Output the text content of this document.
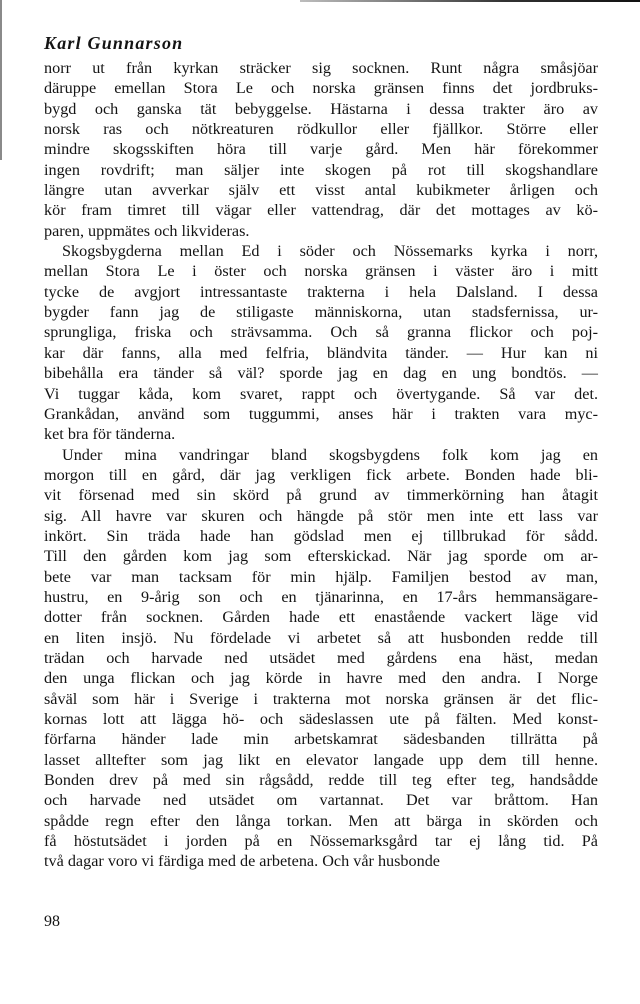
Karl Gunnarson
norr ut från kyrkan sträcker sig socknen. Runt några småsjöar
däruppe emellan Stora Le och norska gränsen finns det jordbruks-
bygd och ganska tät bebyggelse. Hästarna i dessa trakter äro av
norsk ras och nötkreaturen rödkullor eller fjällkor. Större eller
mindre skogsskiften höra till varje gård. Men här förekommer
ingen rovdrift; man säljer inte skogen på rot till skogshandlare
längre utan avverkar själv ett visst antal kubikmeter årligen och
kör fram timret till vägar eller vattendrag, där det mottages av kö-
paren, uppmätes och likvideras.
Skogsbygderna mellan Ed i söder och Nössemarks kyrka i norr,
mellan Stora Le i öster och norska gränsen i väster äro i mitt
tycke de avgjort intressantaste trakterna i hela Dalsland. I dessa
bygder fann jag de stiligaste människorna, utan stadsfernissa, ur-
sprungliga, friska och strävsamma. Och så granna flickor och poj-
kar där fanns, alla med felfria, bländvita tänder. — Hur kan ni
bibehålla era tänder så väl? sporde jag en dag en ung bondtös. —
Vi tuggar kåda, kom svaret, rappt och övertygande. Så var det.
Grankådan, använd som tuggummi, anses här i trakten vara myc-
ket bra för tänderna.
Under mina vandringar bland skogsbygdens folk kom jag en
morgon till en gård, där jag verkligen fick arbete. Bonden hade bli-
vit försenad med sin skörd på grund av timmerkörning han åtagit
sig. All havre var skuren och hängde på stör men inte ett lass var
inkört. Sin träda hade han gödslad men ej tillbrukad för sådd.
Till den gården kom jag som efterskickad. När jag sporde om ar-
bete var man tacksam för min hjälp. Familjen bestod av man,
hustru, en 9-årig son och en tjänarinna, en 17-års hemmansägare-
dotter från socknen. Gården hade ett enastående vackert läge vid
en liten insjö. Nu fördelade vi arbetet så att husbonden redde till
trädan och harvade ned utsädet med gårdens ena häst, medan
den unga flickan och jag körde in havre med den andra. I Norge
såväl som här i Sverige i trakterna mot norska gränsen är det flic-
kornas lott att lägga hö- och sädeslassen ute på fälten. Med konst-
förfarna händer lade min arbetskamrat sädesbanden tillrätta på
lasset alltefter som jag likt en elevator langade upp dem till henne.
Bonden drev på med sin rågsådd, redde till teg efter teg, handsådde
och harvade ned utsädet om vartannat. Det var bråttom. Han
spådde regn efter den långa torkan. Men att bärga in skörden och
få höstutsädet i jorden på en Nössemarksgård tar ej lång tid. På
två dagar voro vi färdiga med de arbetena. Och vår husbonde
98
